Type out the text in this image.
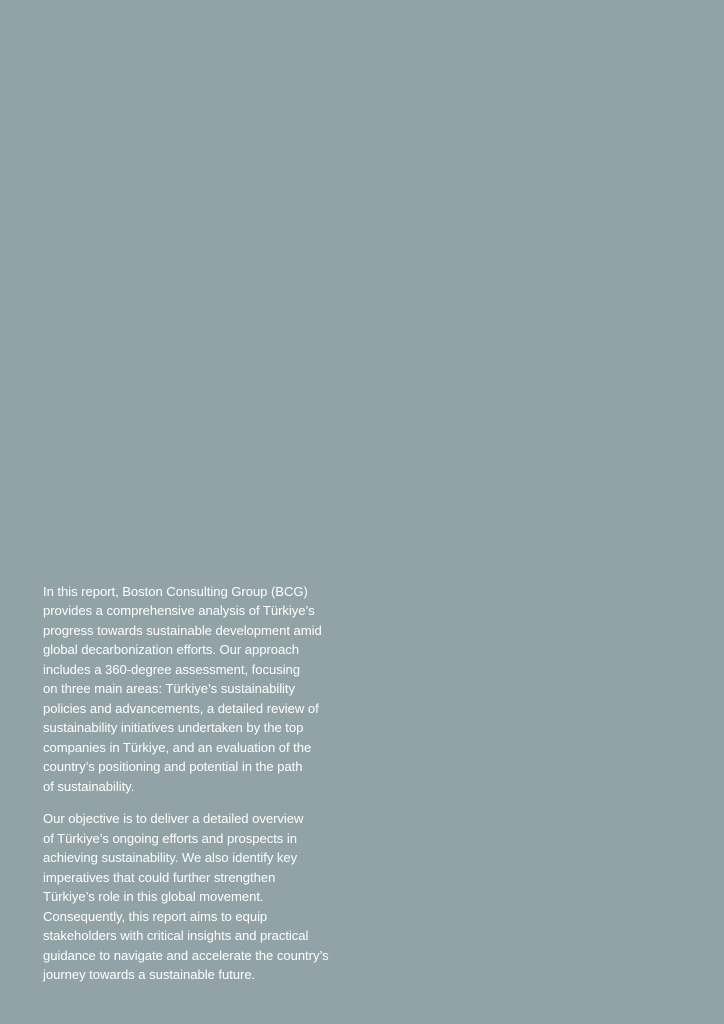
In this report, Boston Consulting Group (BCG)
provides a comprehensive analysis of Türkiye’s
progress towards sustainable development amid
global decarbonization efforts. Our approach
includes a 360-degree assessment, focusing
on three main areas: Türkiye’s sustainability
policies and advancements, a detailed review of
sustainability initiatives undertaken by the top
companies in Türkiye, and an evaluation of the
country’s positioning and potential in the path
of sustainability.

Our objective is to deliver a detailed overview
of Türkiye’s ongoing efforts and prospects in
achieving sustainability. We also identify key
imperatives that could further strengthen
Türkiye’s role in this global movement.
Consequently, this report aims to equip
stakeholders with critical insights and practical
guidance to navigate and accelerate the country’s
journey towards a sustainable future.
